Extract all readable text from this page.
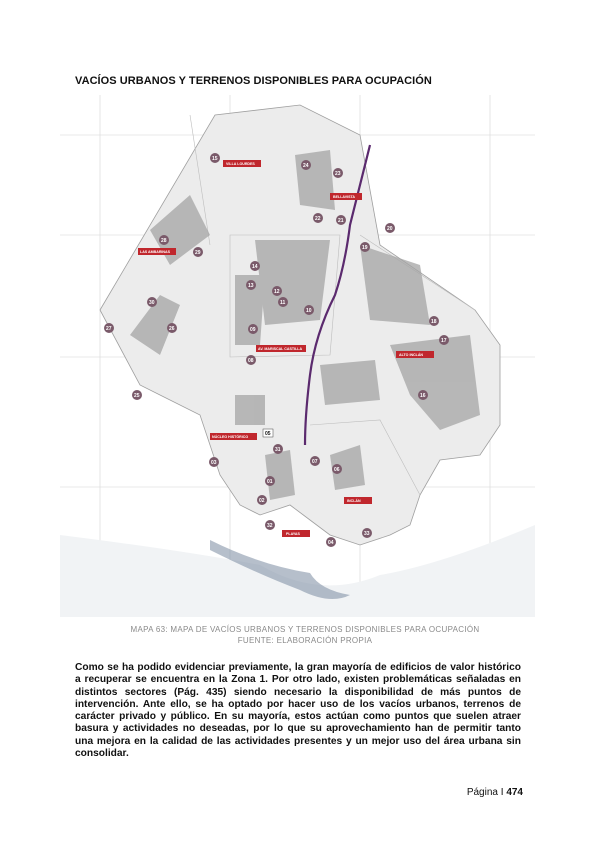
VACÍOS URBANOS Y TERRENOS DISPONIBLES PARA OCUPACIÓN
VILLA LOURDES
BELLAVISTA
LAS AMBARINAS
AV. MARISCAL CASTILLA
ALTO INCLÁN
NÚCLEO HISTÓRICO
INCLÁN
PLAYAS
15
24
23
22	21
20
19
28
29
14
13
12
11
10
09
08
30
26
27
25
18
17
16
05
31
07
06
03
01
02
04
32
33
MAPA 63: MAPA DE VACÍOS URBANOS Y TERRENOS DISPONIBLES PARA OCUPACIÓN
FUENTE: ELABORACIÓN PROPIA

Como se ha podido evidenciar previamente, la gran mayoría de edificios de valor histórico a recuperar se encuentra en la Zona 1. Por otro lado, existen problemáticas señaladas en distintos sectores (Pág. 435) siendo necesario la disponibilidad de más puntos de intervención. Ante ello, se ha optado por hacer uso de los vacíos urbanos, terrenos de carácter privado y público. En su mayoría, estos actúan como puntos que suelen atraer basura y actividades no deseadas, por lo que su aprovechamiento han de permitir tanto una mejora en la calidad de las actividades presentes y un mejor uso del área urbana sin consolidar.

Página I 474
